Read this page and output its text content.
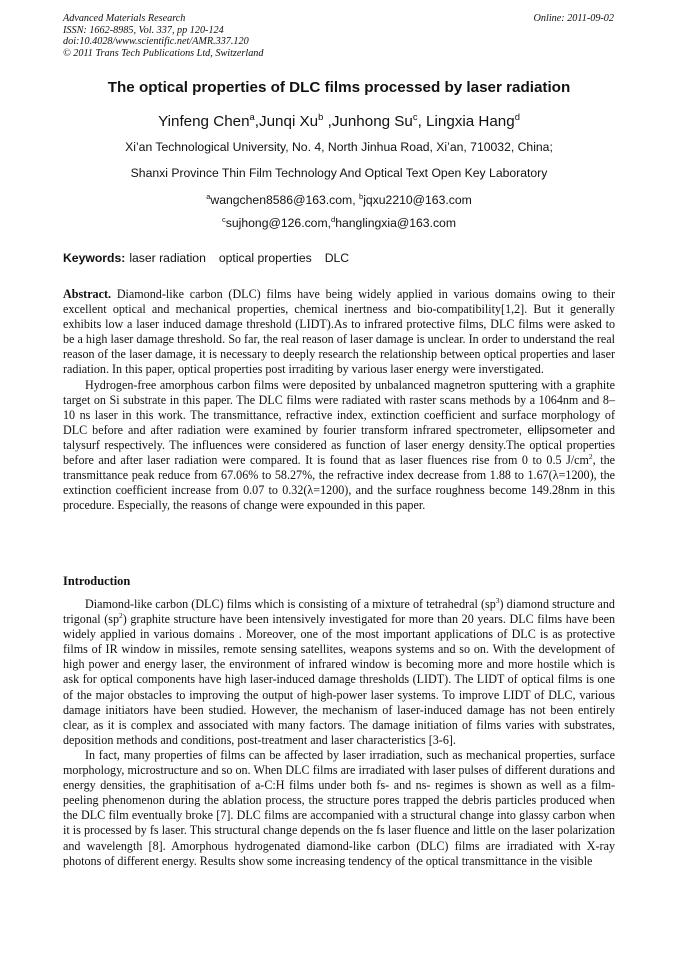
Advanced Materials Research
ISSN: 1662-8985, Vol. 337, pp 120-124
doi:10.4028/www.scientific.net/AMR.337.120
© 2011 Trans Tech Publications Ltd, Switzerland
Online: 2011-09-02
The optical properties of DLC films processed by laser radiation
Yinfeng Chen$^a$,Junqi Xu$^b$ ,Junhong Su$^c$, Lingxia Hang$^d$
Xi’an Technological University, No. 4, North Jinhua Road, Xi’an, 710032, China;
Shanxi Province Thin Film Technology And Optical Text Open Key Laboratory
$^a$wangchen8586@163.com, $^b$jqxu2210@163.com
$^c$sujhong@126.com,$^d$hanglingxia@163.com
Keywords: laser radiation optical properties DLC

Abstract. Diamond-like carbon (DLC) films have being widely applied in various domains owing to their excellent optical and mechanical properties, chemical inertness and bio-compatibility[1,2]. But it generally exhibits low a laser induced damage threshold (LIDT).As to infrared protective films, DLC films were asked to be a high laser damage threshold. So far, the real reason of laser damage is unclear. In order to understand the real reason of the laser damage, it is necessary to deeply research the relationship between optical properties and laser radiation. In this paper, optical properties post irraditing by various laser energy were inverstigated.

Hydrogen-free amorphous carbon films were deposited by unbalanced magnetron sputtering with a graphite target on Si substrate in this paper. The DLC films were radiated with raster scans methods by a 1064nm and 8–10 ns laser in this work. The transmittance, refractive index, extinction coefficient and surface morphology of DLC before and after radiation were examined by fourier transform infrared spectrometer, ellipsometer and talysurf respectively. The influences were considered as function of laser energy density.The optical properties before and after laser radiation were compared. It is found that as laser fluences rise from 0 to 0.5 $J/cm^2$, the transmittance peak reduce from 67.06% to 58.27%, the refractive index decrease from 1.88 to 1.67(λ=1200), the extinction coefficient increase from 0.07 to 0.32(λ=1200), and the surface roughness become 149.28nm in this procedure. Especially, the reasons of change were expounded in this paper.

Introduction

Diamond-like carbon (DLC) films which is consisting of a mixture of tetrahedral $(sp^3)$ diamond structure and trigonal $(sp^2)$ graphite structure have been intensively investigated for more than 20 years. DLC films have been widely applied in various domains . Moreover, one of the most important applications of DLC is as protective films of IR window in missiles, remote sensing satellites, weapons systems and so on. With the development of high power and energy laser, the environment of infrared window is becoming more and more hostile which is ask for optical components have high laser-induced damage thresholds (LIDT). The LIDT of optical films is one of the major obstacles to improving the output of high-power laser systems. To improve LIDT of DLC, various damage initiators have been studied. However, the mechanism of laser-induced damage has not been entirely clear, as it is complex and associated with many factors. The damage initiation of films varies with substrates, deposition methods and conditions, post-treatment and laser characteristics [3-6].

In fact, many properties of films can be affected by laser irradiation, such as mechanical properties, surface morphology, microstructure and so on. When DLC films are irradiated with laser pulses of different durations and energy densities, the graphitisation of a-C:H films under both fs- and ns- regimes is shown as well as a film-peeling phenomenon during the ablation process, the structure pores trapped the debris particles produced when the DLC film eventually broke [7]. DLC films are accompanied with a structural change into glassy carbon when it is processed by fs laser. This structural change depends on the fs laser fluence and little on the laser polarization and wavelength [8]. Amorphous hydrogenated diamond-like carbon (DLC) films are irradiated with X-ray photons of different energy. Results show some increasing tendency of the optical transmittance in the visible
